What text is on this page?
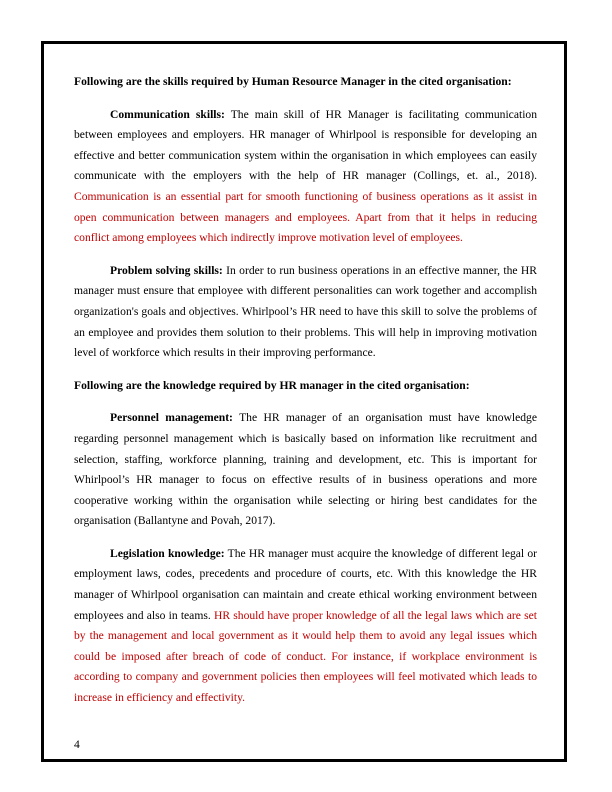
Following are the skills required by Human Resource Manager in the cited organisation:

Communication skills: The main skill of HR Manager is facilitating communication between employees and employers. HR manager of Whirlpool is responsible for developing an effective and better communication system within the organisation in which employees can easily communicate with the employers with the help of HR manager (Collings, et. al., 2018). Communication is an essential part for smooth functioning of business operations as it assist in open communication between managers and employees. Apart from that it helps in reducing conflict among employees which indirectly improve motivation level of employees.

Problem solving skills: In order to run business operations in an effective manner, the HR manager must ensure that employee with different personalities can work together and accomplish organization's goals and objectives. Whirlpool’s HR need to have this skill to solve the problems of an employee and provides them solution to their problems. This will help in improving motivation level of workforce which results in their improving performance.

Following are the knowledge required by HR manager in the cited organisation:

Personnel management: The HR manager of an organisation must have knowledge regarding personnel management which is basically based on information like recruitment and selection, staffing, workforce planning, training and development, etc. This is important for Whirlpool’s HR manager to focus on effective results of in business operations and more cooperative working within the organisation while selecting or hiring best candidates for the organisation (Ballantyne and Povah, 2017).

Legislation knowledge: The HR manager must acquire the knowledge of different legal or employment laws, codes, precedents and procedure of courts, etc. With this knowledge the HR manager of Whirlpool organisation can maintain and create ethical working environment between employees and also in teams. HR should have proper knowledge of all the legal laws which are set by the management and local government as it would help them to avoid any legal issues which could be imposed after breach of code of conduct. For instance, if workplace environment is according to company and government policies then employees will feel motivated which leads to increase in efficiency and effectivity.

4
